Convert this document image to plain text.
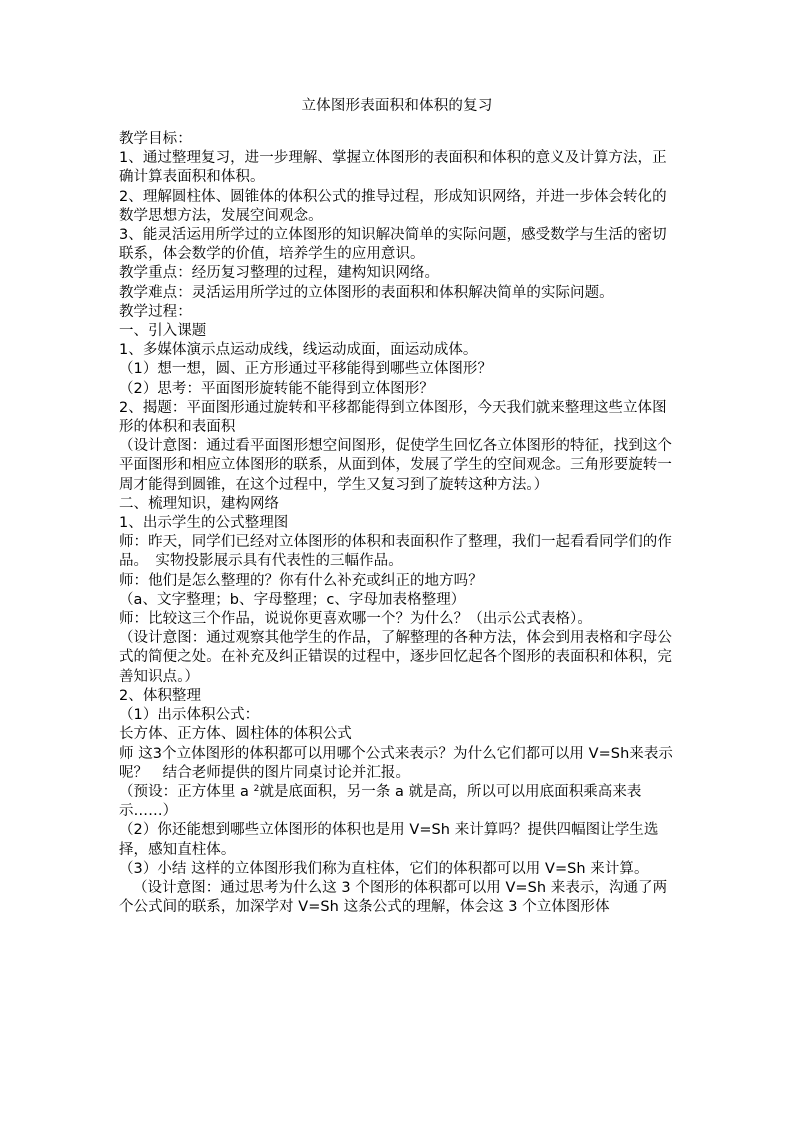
立体图形表面积和体积的复习

教学目标：

1、通过整理复习，进一步理解、掌握立体图形的表面积和体积的意义及计算方法，正确计算表面积和体积。

2、理解圆柱体、圆锥体的体积公式的推导过程，形成知识网络，并进一步体会转化的数学思想方法，发展空间观念。

3、能灵活运用所学过的立体图形的知识解决简单的实际问题，感受数学与生活的密切联系，体会数学的价值，培养学生的应用意识。

教学重点：经历复习整理的过程，建构知识网络。

教学难点：灵活运用所学过的立体图形的表面积和体积解决简单的实际问题。

教学过程：

一、引入课题

1、多媒体演示点运动成线，线运动成面，面运动成体。

（1）想一想，圆、正方形通过平移能得到哪些立体图形？

（2）思考：平面图形旋转能不能得到立体图形？

2、揭题：平面图形通过旋转和平移都能得到立体图形，今天我们就来整理这些立体图形的体积和表面积

（设计意图：通过看平面图形想空间图形，促使学生回忆各立体图形的特征，找到这个平面图形和相应立体图形的联系，从面到体，发展了学生的空间观念。三角形要旋转一周才能得到圆锥，在这个过程中，学生又复习到了旋转这种方法。）

二、梳理知识，建构网络

1、出示学生的公式整理图

师：昨天，同学们已经对立体图形的体积和表面积作了整理，我们一起看看同学们的作品。　实物投影展示具有代表性的三幅作品。

师：他们是怎么整理的？你有什么补充或纠正的地方吗？

（a、文字整理；b、字母整理；c、字母加表格整理）

师：比较这三个作品，说说你更喜欢哪一个？为什么？（出示公式表格）。

（设计意图：通过观察其他学生的作品，了解整理的各种方法，体会到用表格和字母公式的简便之处。在补充及纠正错误的过程中，逐步回忆起各个图形的表面积和体积，完善知识点。）

2、体积整理

（1）出示体积公式：

长方体、正方体、圆柱体的体积公式

师 这3个立体图形的体积都可以用哪个公式来表示？为什么它们都可以用 V=Sh来表示呢？　结合老师提供的图片同桌讨论并汇报。

（预设：正方体里 a $^2$就是底面积，另一条 a 就是高，所以可以用底面积乘高来表示……）

（2）你还能想到哪些立体图形的体积也是用 V=Sh 来计算吗？提供四幅图让学生选择，感知直柱体。

（3）小结 这样的立体图形我们称为直柱体，它们的体积都可以用 V=Sh 来计算。

（设计意图：通过思考为什么这 3 个图形的体积都可以用 V=Sh 来表示，沟通了两个公式间的联系，加深学对 V=Sh 这条公式的理解，体会这 3 个立体图形体
